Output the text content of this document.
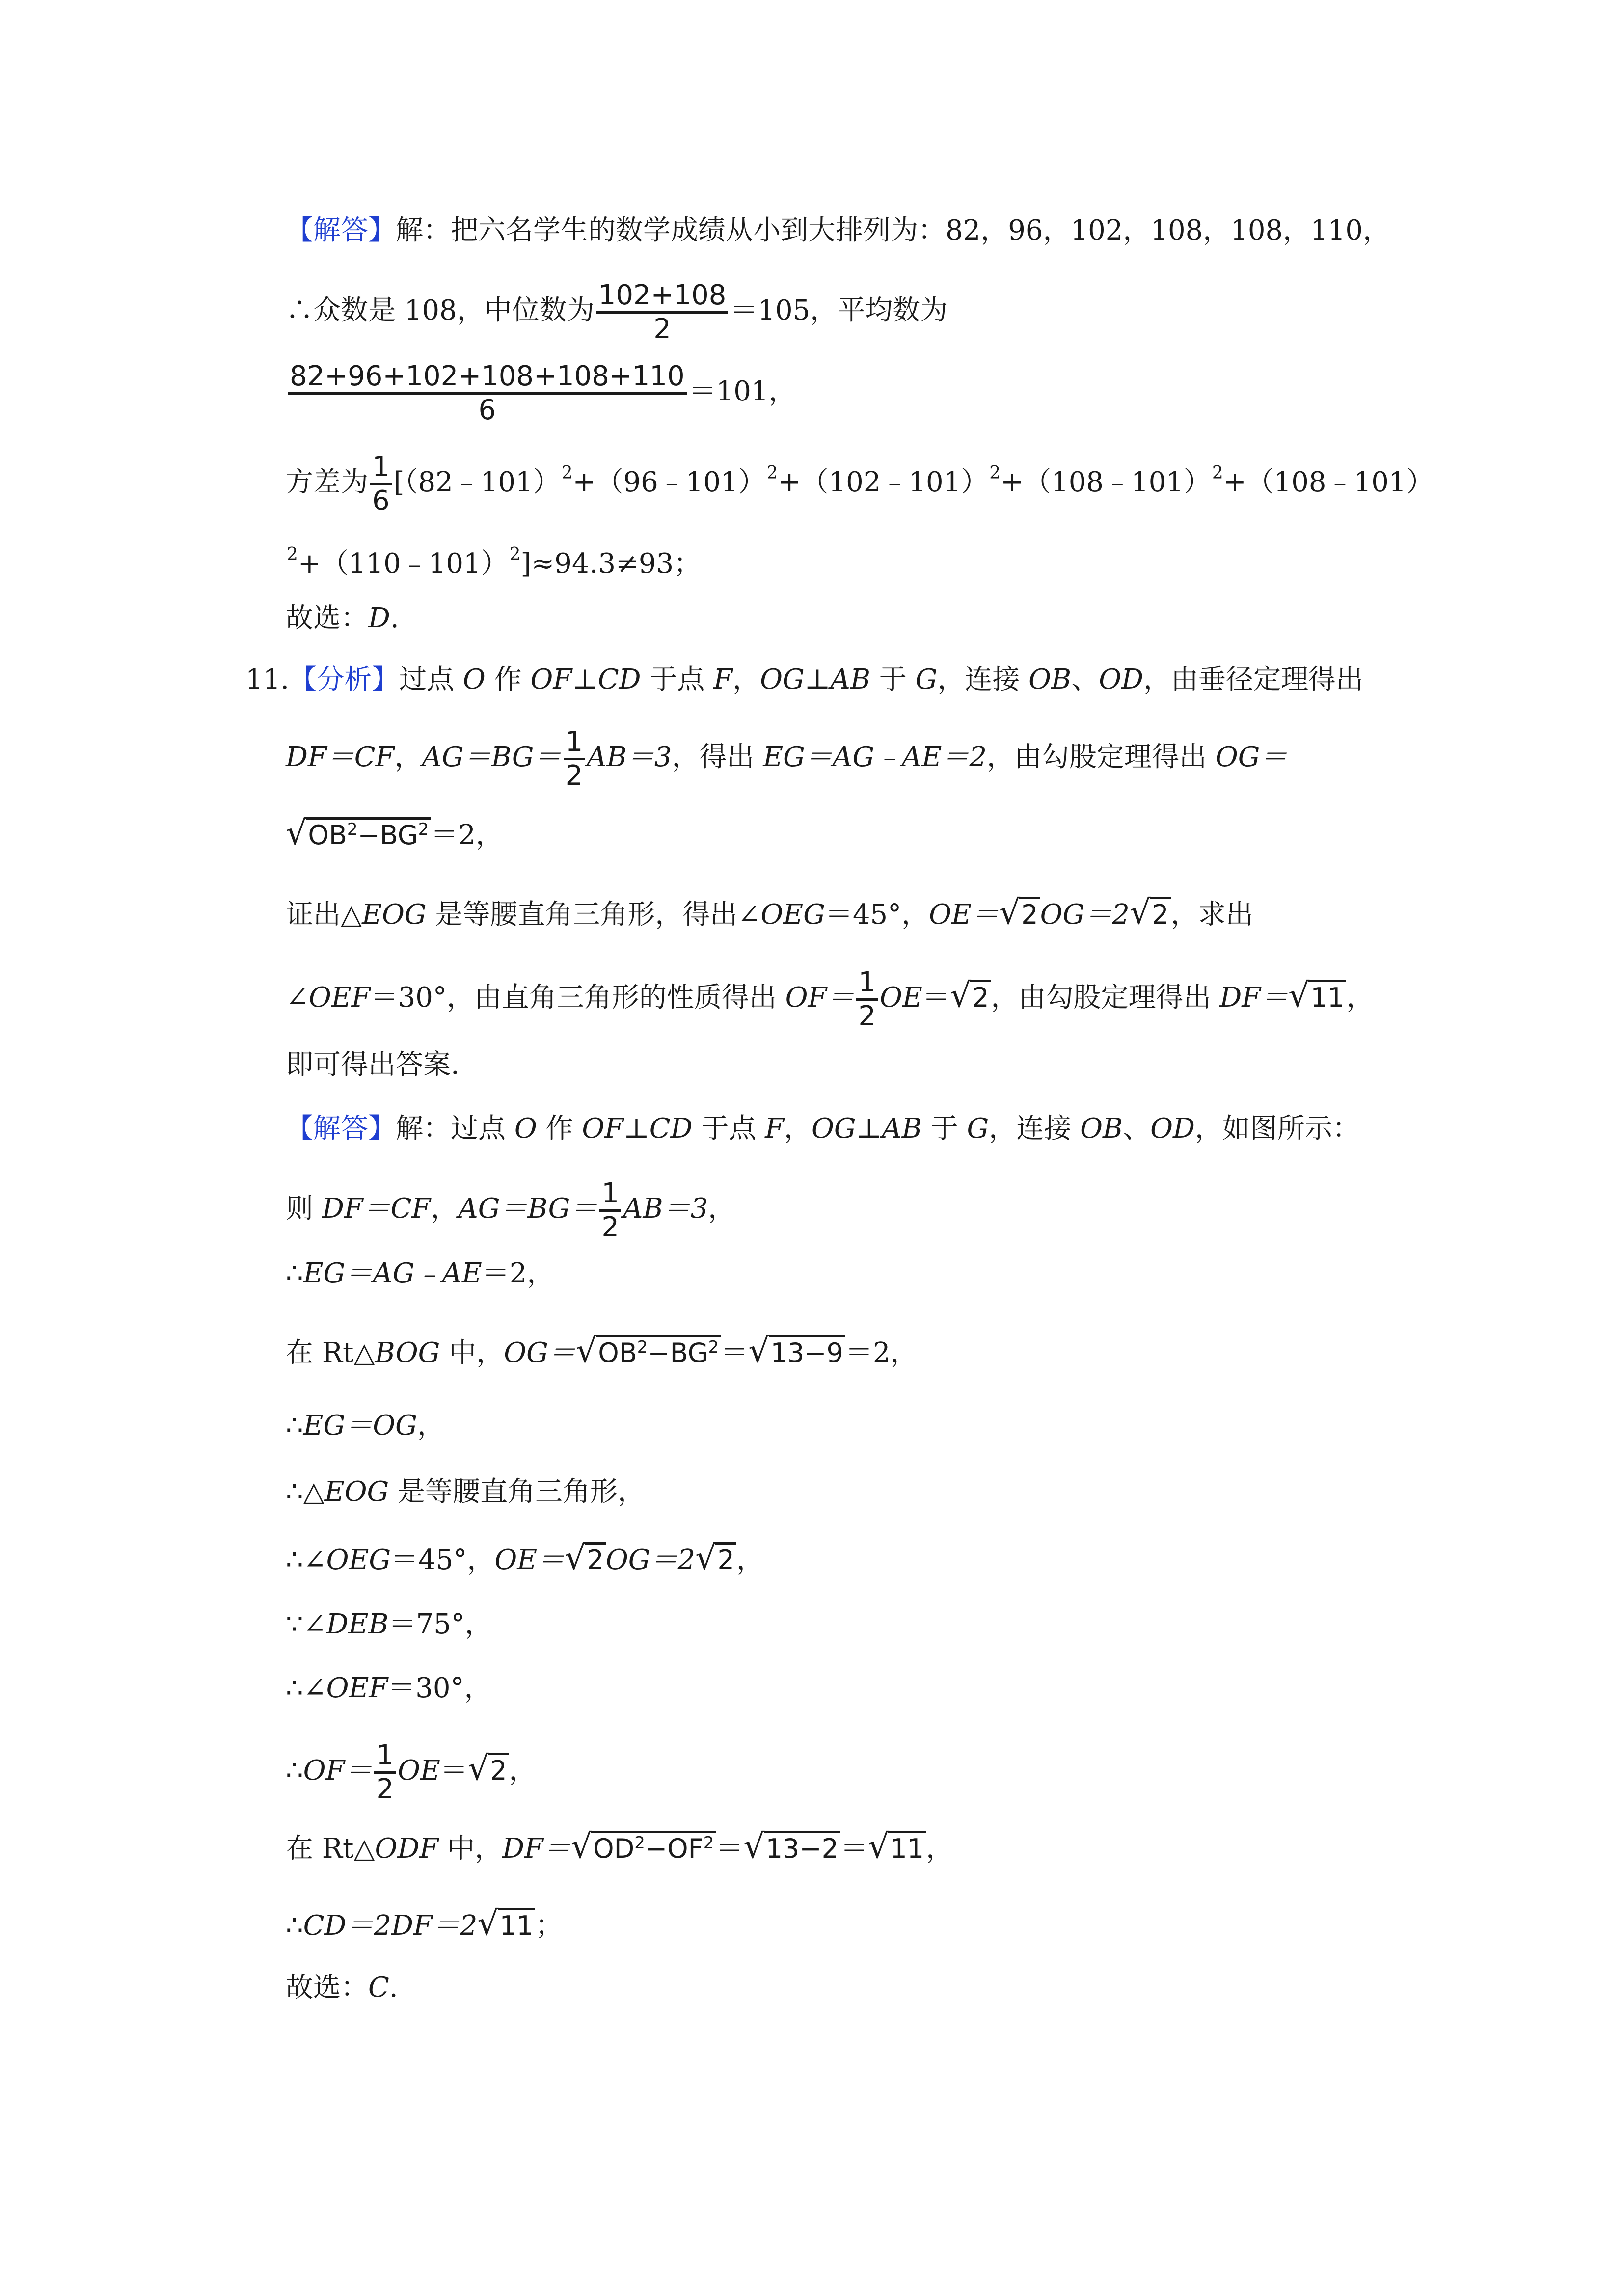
【解答】解：把六名学生的数学成绩从小到大排列为：82，96，102，108，108，110，
∴众数是 108，中位数为 $\frac{102+108}{2} =105$，平均数为
$\frac{82+96+102+108+108+110}{6} =101$，
方差为 $\frac{1}{6}$ [（82﹣101）$^2$+（96﹣101）$^2$+（102﹣101）$^2$+（108﹣101）$^2$+（108﹣101）
$^2$+（110﹣101）$^2$]≈94.3≠93；
故选：D.
11.【分析】过点 O 作 OF⊥CD 于点 F，OG⊥AB 于 G，连接 OB、OD，由垂径定理得出
DF＝CF，$AG=BG= \frac{1}{2} AB=3$，得出 EG＝AG﹣AE＝2，由勾股定理得出 OG＝
$√OB^2-BG^2=2$，
证出△EOG 是等腰直角三角形，得出∠OEG＝45°，OE＝√2OG＝2√2，求出
∠OEF＝30°，由直角三角形的性质得出 $OF= \frac{1}{2} OE=√2$，由勾股定理得出 DF＝√11，
即可得出答案.
【解答】解：过点 O 作 OF⊥CD 于点 F，OG⊥AB 于 G，连接 OB、OD，如图所示：
则 DF＝CF，$AG=BG= \frac{1}{2} AB=3$，
∴EG＝AG﹣AE＝2，
在 Rt△BOG 中，$OG=√OB^2-BG^2=√13-9=2$，
∴EG＝OG，
∴△EOG 是等腰直角三角形，
∴∠OEG＝45°，OE＝√2OG＝2√2，
∵∠DEB＝75°，
∴∠OEF＝30°，
∴OF＝ $\frac{1}{2} OE=√2$，
在 Rt△ODF 中，$DF=√OD^2-OF^2=√13-2=√11$，
∴CD＝2DF＝2√11；
故选：C.
